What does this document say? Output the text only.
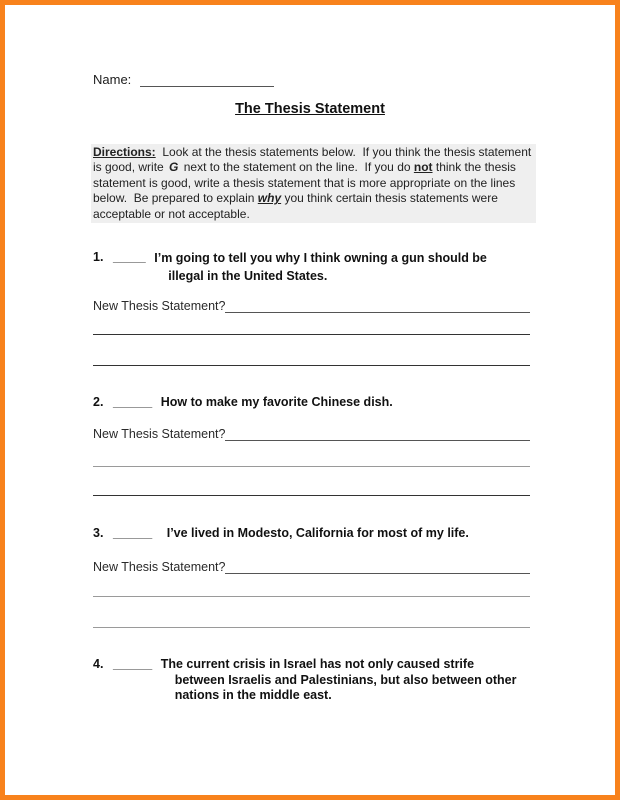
Name:
The Thesis Statement
Directions:  Look at the thesis statements below.  If you think the thesis statement is good, write G next to the statement on the line.  If you do not think the thesis statement is good, write a thesis statement that is more appropriate on the lines below.  Be prepared to explain why you think certain thesis statements were acceptable or not acceptable.
1. _____ I’m going to tell you why I think owning a gun should be
illegal in the United States.
New Thesis Statement?
2. ______ How to make my favorite Chinese dish.
New Thesis Statement?
3. ______ I’ve lived in Modesto, California for most of my life.
New Thesis Statement?
4. ______ The current crisis in Israel has not only caused strife
between Israelis and Palestinians, but also between other
nations in the middle east.
